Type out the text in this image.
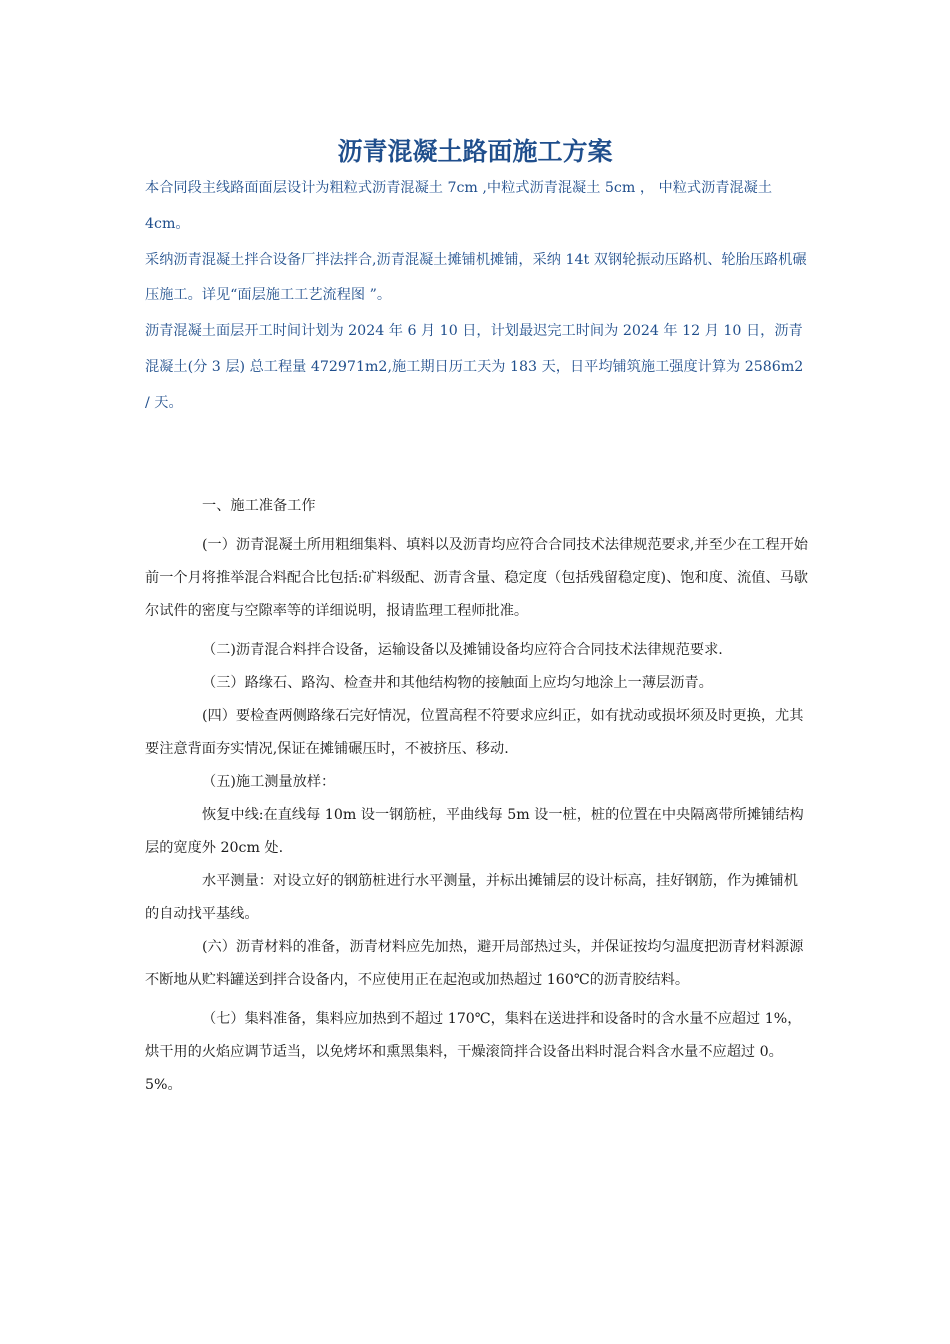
沥青混凝土路面施工方案

本合同段主线路面面层设计为粗粒式沥青混凝土 7cm ,中粒式沥青混凝土 5cm ， 中粒式沥青混凝土 4cm。

采纳沥青混凝土拌合设备厂拌法拌合,沥青混凝土摊铺机摊铺，采纳 14t 双钢轮振动压路机、轮胎压路机碾压施工。详见“面层施工工艺流程图 ”。

沥青混凝土面层开工时间计划为 2024 年 6 月 10 日，计划最迟完工时间为 2024 年 12 月 10 日，沥青混凝土(分 3 层) 总工程量 472971m2,施工期日历工天为 183 天，日平均铺筑施工强度计算为 2586m2 / 天。

一、施工准备工作

(一）沥青混凝土所用粗细集料、填料以及沥青均应符合合同技术法律规范要求,并至少在工程开始前一个月将推举混合料配合比包括:矿料级配、沥青含量、稳定度（包括残留稳定度)、饱和度、流值、马歇尔试件的密度与空隙率等的详细说明，报请监理工程师批准。

（二)沥青混合料拌合设备，运输设备以及摊铺设备均应符合合同技术法律规范要求.

（三）路缘石、路沟、检查井和其他结构物的接触面上应均匀地涂上一薄层沥青。

(四）要检查两侧路缘石完好情况，位置高程不符要求应纠正，如有扰动或损坏须及时更换，尤其要注意背面夯实情况,保证在摊铺碾压时，不被挤压、移动.

（五)施工测量放样：

恢复中线:在直线每 10m 设一钢筋桩，平曲线每 5m 设一桩，桩的位置在中央隔离带所摊铺结构层的宽度外 20cm 处.

水平测量：对设立好的钢筋桩进行水平测量，并标出摊铺层的设计标高，挂好钢筋，作为摊铺机的自动找平基线。

(六）沥青材料的准备，沥青材料应先加热，避开局部热过头，并保证按均匀温度把沥青材料源源不断地从贮料罐送到拌合设备内，不应使用正在起泡或加热超过 160℃的沥青胶结料。

（七）集料准备，集料应加热到不超过 170℃，集料在送进拌和设备时的含水量不应超过 1%，烘干用的火焰应调节适当，以免烤坏和熏黑集料，干燥滚筒拌合设备出料时混合料含水量不应超过 0。5%。
